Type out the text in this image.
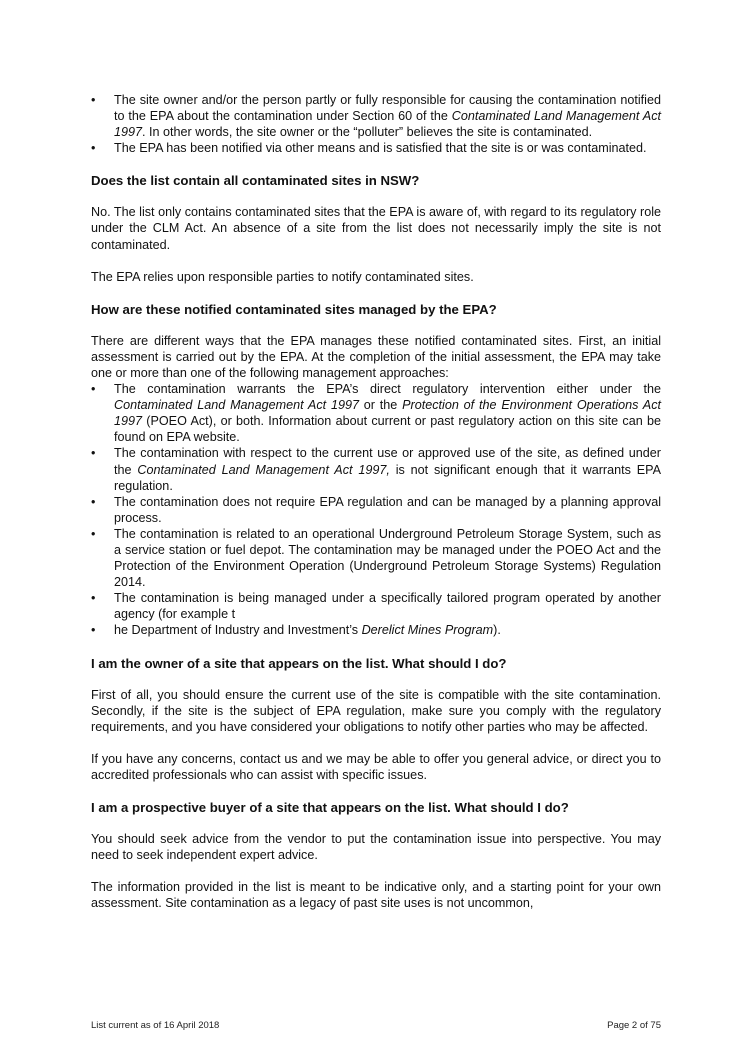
• The site owner and/or the person partly or fully responsible for causing the contamination notified to the EPA about the contamination under Section 60 of the Contaminated Land Management Act 1997. In other words, the site owner or the “polluter” believes the site is contaminated.
• The EPA has been notified via other means and is satisfied that the site is or was contaminated.
Does the list contain all contaminated sites in NSW?

No. The list only contains contaminated sites that the EPA is aware of, with regard to its regulatory role under the CLM Act. An absence of a site from the list does not necessarily imply the site is not contaminated.

The EPA relies upon responsible parties to notify contaminated sites.

How are these notified contaminated sites managed by the EPA?

There are different ways that the EPA manages these notified contaminated sites. First, an initial assessment is carried out by the EPA. At the completion of the initial assessment, the EPA may take one or more than one of the following management approaches:

• The contamination warrants the EPA’s direct regulatory intervention either under the Contaminated Land Management Act 1997 or the Protection of the Environment Operations Act 1997 (POEO Act), or both. Information about current or past regulatory action on this site can be found on EPA website.
• The contamination with respect to the current use or approved use of the site, as defined under the Contaminated Land Management Act 1997, is not significant enough that it warrants EPA regulation.
• The contamination does not require EPA regulation and can be managed by a planning approval process.
• The contamination is related to an operational Underground Petroleum Storage System, such as a service station or fuel depot. The contamination may be managed under the POEO Act and the Protection of the Environment Operation (Underground Petroleum Storage Systems) Regulation 2014.
• The contamination is being managed under a specifically tailored program operated by another agency (for example t
• he Department of Industry and Investment’s Derelict Mines Program).
I am the owner of a site that appears on the list. What should I do?

First of all, you should ensure the current use of the site is compatible with the site contamination. Secondly, if the site is the subject of EPA regulation, make sure you comply with the regulatory requirements, and you have considered your obligations to notify other parties who may be affected.

If you have any concerns, contact us and we may be able to offer you general advice, or direct you to accredited professionals who can assist with specific issues.

I am a prospective buyer of a site that appears on the list. What should I do?

You should seek advice from the vendor to put the contamination issue into perspective. You may need to seek independent expert advice.

The information provided in the list is meant to be indicative only, and a starting point for your own assessment. Site contamination as a legacy of past site uses is not uncommon,

List current as of 16 April 2018	Page 2 of 75
